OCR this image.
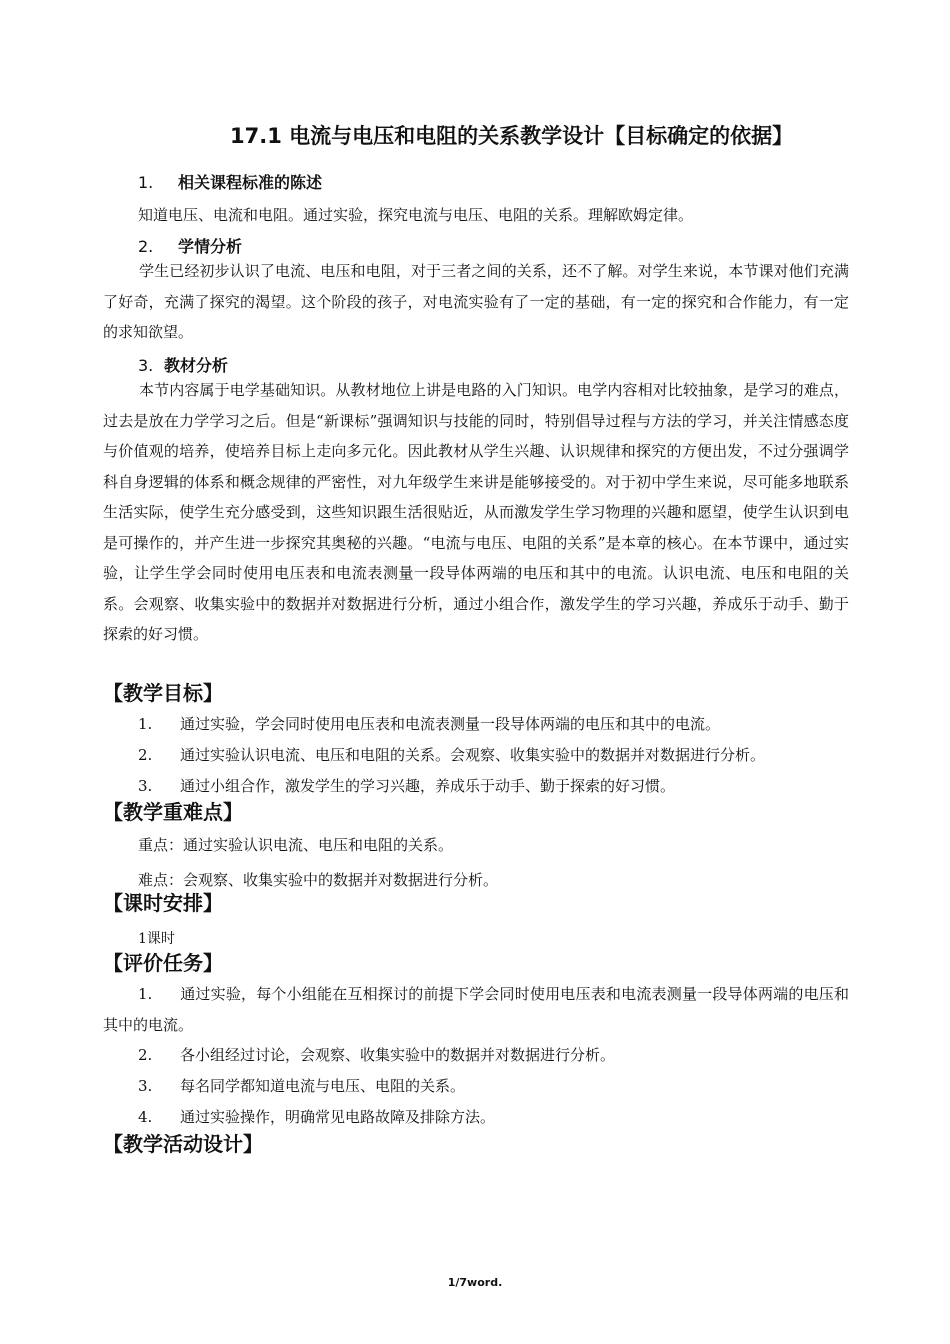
17.1 电流与电压和电阻的关系教学设计【目标确定的依据】
1. 相关课程标准的陈述
知道电压、电流和电阻。通过实验，探究电流与电压、电阻的关系。理解欧姆定律。
2. 学情分析
学生已经初步认识了电流、电压和电阻，对于三者之间的关系，还不了解。对学生来说，本节课对他们充满了好奇，充满了探究的渴望。这个阶段的孩子，对电流实验有了一定的基础，有一定的探究和合作能力，有一定的求知欲望。
3. 教材分析
本节内容属于电学基础知识。从教材地位上讲是电路的入门知识。电学内容相对比较抽象，是学习的难点，过去是放在力学学习之后。但是“新课标”强调知识与技能的同时，特别倡导过程与方法的学习，并关注情感态度与价值观的培养，使培养目标上走向多元化。因此教材从学生兴趣、认识规律和探究的方便出发，不过分强调学科自身逻辑的体系和概念规律的严密性，对九年级学生来讲是能够接受的。对于初中学生来说，尽可能多地联系生活实际，使学生充分感受到，这些知识跟生活很贴近，从而激发学生学习物理的兴趣和愿望，使学生认识到电是可操作的，并产生进一步探究其奥秘的兴趣。“电流与电压、电阻的关系”是本章的核心。在本节课中，通过实验，让学生学会同时使用电压表和电流表测量一段导体两端的电压和其中的电流。认识电流、电压和电阻的关系。会观察、收集实验中的数据并对数据进行分析，通过小组合作，激发学生的学习兴趣，养成乐于动手、勤于探索的好习惯。
【教学目标】
1. 通过实验，学会同时使用电压表和电流表测量一段导体两端的电压和其中的电流。
2. 通过实验认识电流、电压和电阻的关系。会观察、收集实验中的数据并对数据进行分析。
3. 通过小组合作，激发学生的学习兴趣，养成乐于动手、勤于探索的好习惯。
【教学重难点】
重点：通过实验认识电流、电压和电阻的关系。
难点：会观察、收集实验中的数据并对数据进行分析。
【课时安排】
1课时
【评价任务】
1. 通过实验，每个小组能在互相探讨的前提下学会同时使用电压表和电流表测量一段导体两端的电压和其中的电流。
2. 各小组经过讨论，会观察、收集实验中的数据并对数据进行分析。
3. 每名同学都知道电流与电压、电阻的关系。
4. 通过实验操作，明确常见电路故障及排除方法。
【教学活动设计】
1/7word.
